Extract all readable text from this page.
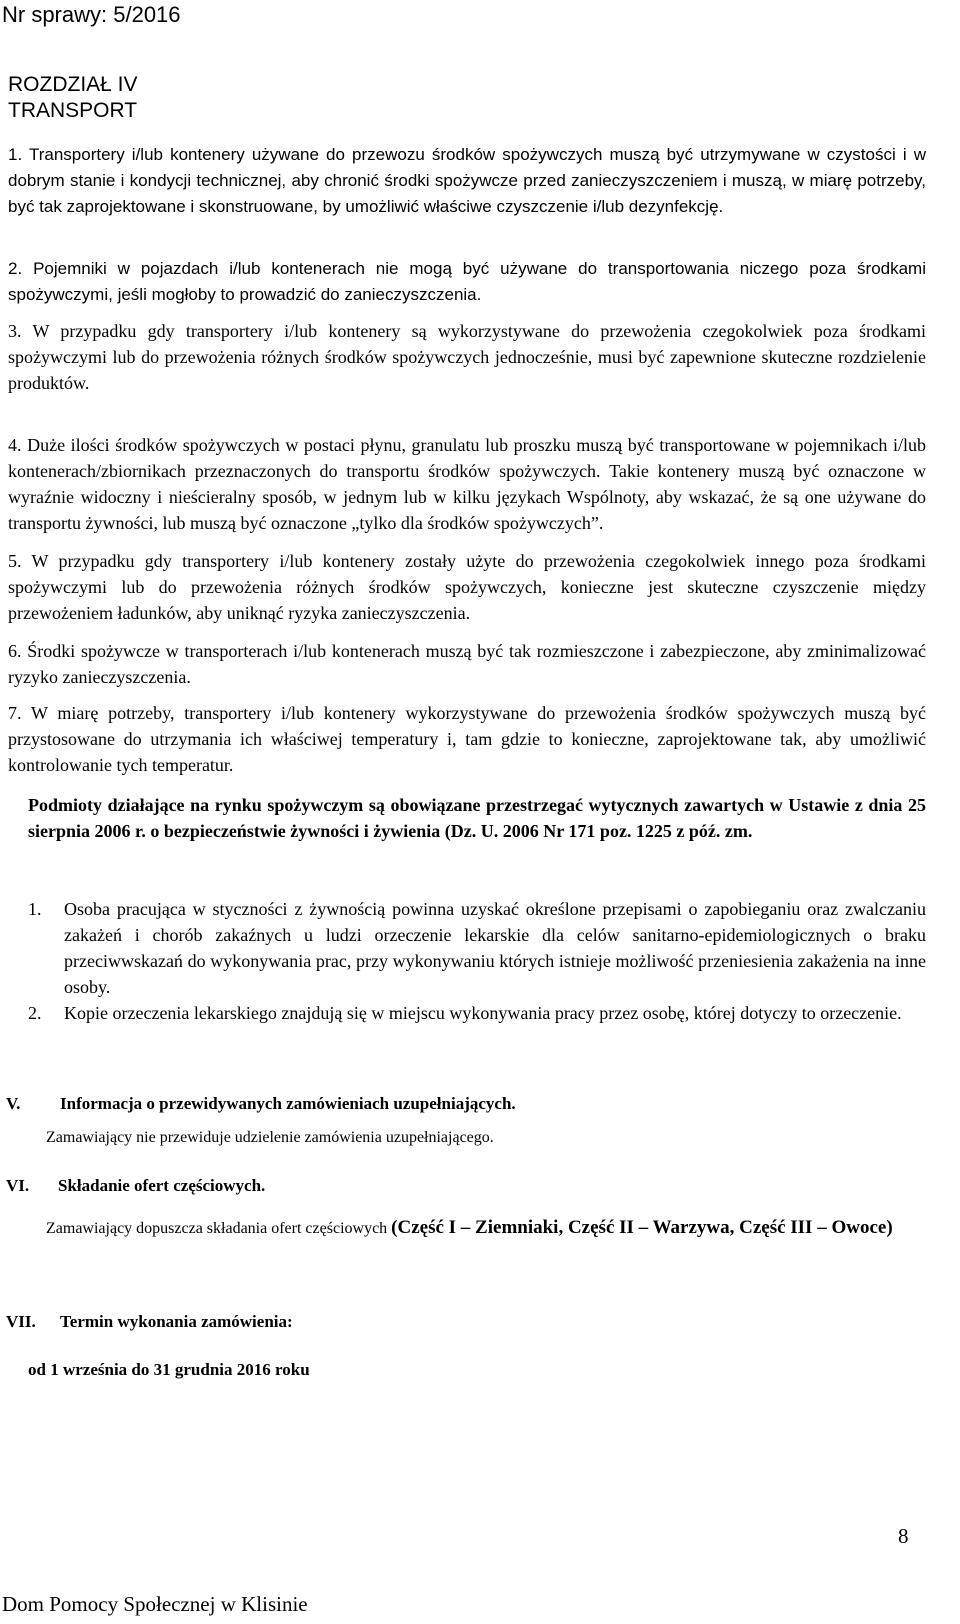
Nr sprawy: 5/2016
ROZDZIAŁ IV
TRANSPORT
1. Transportery i/lub kontenery używane do przewozu środków spożywczych muszą być utrzymywane w czystości i w dobrym stanie i kondycji technicznej, aby chronić środki spożywcze przed zanieczyszczeniem i muszą, w miarę potrzeby, być tak zaprojektowane i skonstruowane, by umożliwić właściwe czyszczenie i/lub dezynfekcję.
2. Pojemniki w pojazdach i/lub kontenerach nie mogą być używane do transportowania niczego poza środkami spożywczymi, jeśli mogłoby to prowadzić do zanieczyszczenia.
3. W przypadku gdy transportery i/lub kontenery są wykorzystywane do przewożenia czegokolwiek poza środkami spożywczymi lub do przewożenia różnych środków spożywczych jednocześnie, musi być zapewnione skuteczne rozdzielenie produktów.
4. Duże ilości środków spożywczych w postaci płynu, granulatu lub proszku muszą być transportowane w pojemnikach i/lub kontenerach/zbiornikach przeznaczonych do transportu środków spożywczych. Takie kontenery muszą być oznaczone w wyraźnie widoczny i nieścieralny sposób, w jednym lub w kilku językach Wspólnoty, aby wskazać, że są one używane do transportu żywności, lub muszą być oznaczone „tylko dla środków spożywczych”.
5. W przypadku gdy transportery i/lub kontenery zostały użyte do przewożenia czegokolwiek innego poza środkami spożywczymi lub do przewożenia różnych środków spożywczych, konieczne jest skuteczne czyszczenie między przewożeniem ładunków, aby uniknąć ryzyka zanieczyszczenia.
6. Środki spożywcze w transporterach i/lub kontenerach muszą być tak rozmieszczone i zabezpieczone, aby zminimalizować ryzyko zanieczyszczenia.
7. W miarę potrzeby, transportery i/lub kontenery wykorzystywane do przewożenia środków spożywczych muszą być przystosowane do utrzymania ich właściwej temperatury i, tam gdzie to konieczne, zaprojektowane tak, aby umożliwić kontrolowanie tych temperatur.
Podmioty działające na rynku spożywczym są obowiązane przestrzegać wytycznych zawartych w Ustawie z dnia 25 sierpnia 2006 r. o bezpieczeństwie żywności i żywienia (Dz. U. 2006 Nr 171 poz. 1225 z póź. zm.
1. Osoba pracująca w styczności z żywnością powinna uzyskać określone przepisami o zapobieganiu oraz zwalczaniu zakażeń i chorób zakaźnych u ludzi orzeczenie lekarskie dla celów sanitarno-epidemiologicznych o braku przeciwwskazań do wykonywania prac, przy wykonywaniu których istnieje możliwość przeniesienia zakażenia na inne osoby.
2. Kopie orzeczenia lekarskiego znajdują się w miejscu wykonywania pracy przez osobę, której dotyczy to orzeczenie.
V. Informacja o przewidywanych zamówieniach uzupełniających.
Zamawiający nie przewiduje udzielenie zamówienia uzupełniającego.
VI. Składanie ofert częściowych.
Zamawiający dopuszcza składania ofert częściowych (Część I – Ziemniaki, Część II – Warzywa, Część III – Owoce)
VII. Termin wykonania zamówienia:
od 1 września do 31 grudnia 2016 roku
Dom Pomocy Społecznej w Klisinie
8
